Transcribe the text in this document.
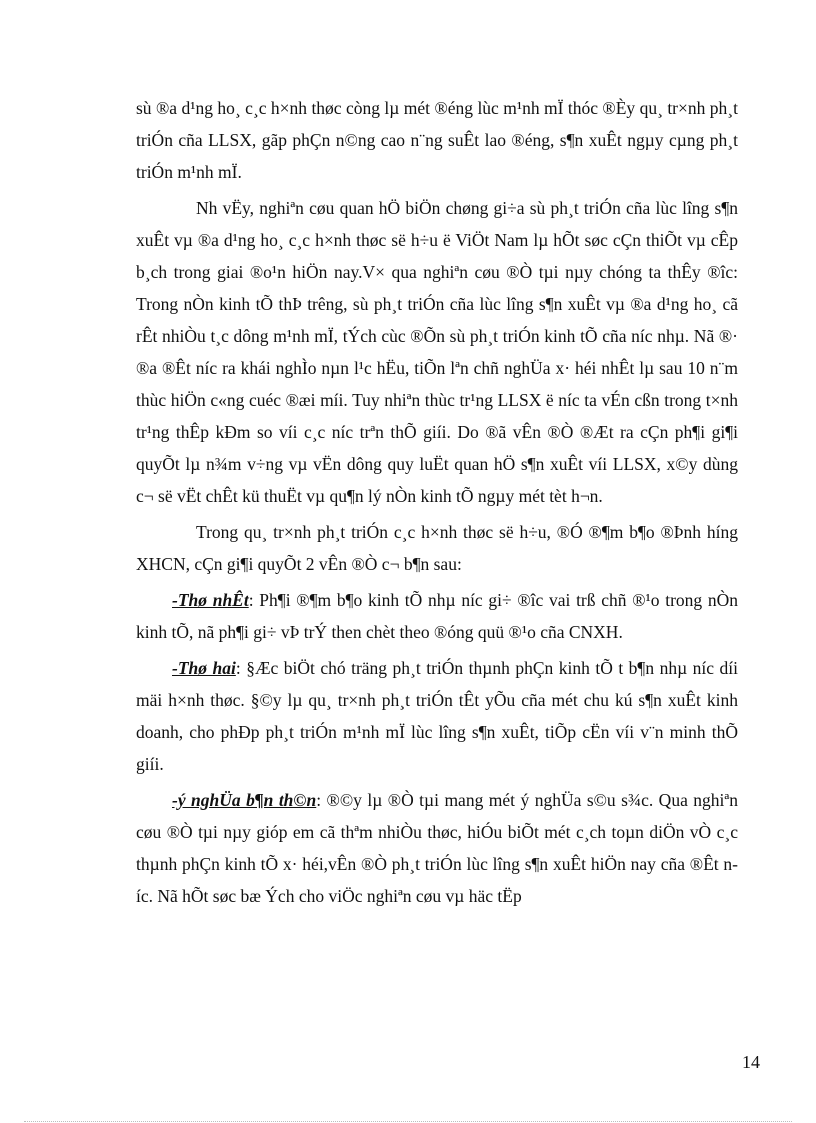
sù ®a d¹ng ho¸ c¸c h×nh thøc còng lµ mét ®éng lùc m¹nh mÏ thóc ®Èy qu¸ tr×nh ph¸t triÓn cña LLSX, gãp phÇn n©ng cao n¨ng suÊt lao ®éng, s¶n xuÊt ngµy cµng ph¸t triÓn m¹nh mÏ.

Nh vËy, nghiªn cøu quan hÖ biÖn chøng gi÷a sù ph¸t triÓn cña lùc lîng s¶n xuÊt vµ ®a d¹ng ho¸ c¸c h×nh thøc së h÷u ë ViÖt Nam lµ hÕt søc cÇn thiÕt vµ cÊp b¸ch trong giai ®o¹n hiÖn nay.V× qua nghiªn cøu ®Ò tµi nµy chóng ta thÊy ®îc: Trong nÒn kinh tÕ thÞ trêng, sù ph¸t triÓn cña lùc lîng s¶n xuÊt vµ ®a d¹ng ho¸ cã rÊt nhiÒu t¸c dông m¹nh mÏ, tÝch cùc ®Õn sù ph¸t triÓn kinh tÕ cña níc nhµ. Nã ®· ®a ®Êt níc ra khái nghÌo nµn l¹c hËu, tiÕn lªn chñ nghÜa x· héi nhÊt lµ sau 10 n¨m thùc hiÖn c«ng cuéc ®æi míi. Tuy nhiªn thùc tr¹ng LLSX ë níc ta vÉn cßn trong t×nh tr¹ng thÊp kÐm so víi c¸c níc trªn thÕ giíi. Do ®ã vÊn ®Ò ®Æt ra cÇn ph¶i gi¶i quyÕt lµ n¾m v÷ng vµ vËn dông quy luËt quan hÖ s¶n xuÊt víi LLSX, x©y dùng c¬ së vËt chÊt kü thuËt vµ qu¶n lý nÒn kinh tÕ ngµy mét tèt h¬n.

Trong qu¸ tr×nh ph¸t triÓn c¸c h×nh thøc së h÷u, ®Ó ®¶m b¶o ®Þnh híng XHCN, cÇn gi¶i quyÕt 2 vÊn ®Ò c¬ b¶n sau:

-Thø nhÊt: Ph¶i ®¶m b¶o kinh tÕ nhµ níc gi÷ ®îc vai trß chñ ®¹o trong nÒn kinh tÕ, nã ph¶i gi÷ vÞ trÝ then chèt theo ®óng quü ®¹o cña CNXH.

-Thø hai: §Æc biÖt chó träng ph¸t triÓn thµnh phÇn kinh tÕ t b¶n nhµ níc díi mäi h×nh thøc. §©y lµ qu¸ tr×nh ph¸t triÓn tÊt yÕu cña mét chu kú s¶n xuÊt kinh doanh, cho phÐp ph¸t triÓn m¹nh mÏ lùc lîng s¶n xuÊt, tiÕp cËn víi v¨n minh thÕ giíi.

-ý nghÜa b¶n th©n: ®©y lµ ®Ò tµi mang mét ý nghÜa s©u s¾c. Qua nghiªn cøu ®Ò tµi nµy gióp em cã thªm nhiÒu thøc, hiÓu biÕt mét c¸ch toµn diÖn vÒ c¸c thµnh phÇn kinh tÕ x· héi,vÊn ®Ò ph¸t triÓn lùc lîng s¶n xuÊt hiÖn nay cña ®Êt níc. Nã hÕt søc bæ Ých cho viÖc nghiªn cøu vµ häc tËp

14
